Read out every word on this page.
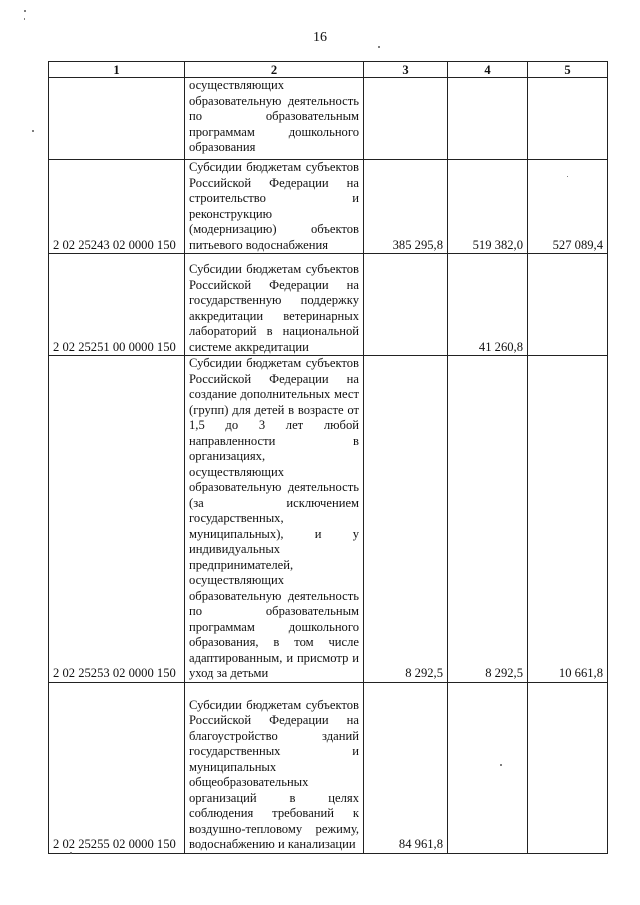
16
1	2	3	4	5
	осуществляющих образовательную деятельность по образовательным программам дошкольного образования			
2 02 25243 02 0000 150	Субсидии бюджетам субъектов Российской Федерации на строительство и реконструкцию (модернизацию) объектов питьевого водоснабжения	385 295,8	519 382,0	527 089,4
2 02 25251 00 0000 150	Субсидии бюджетам субъектов Российской Федерации на государственную поддержку аккредитации ветеринарных лабораторий в национальной системе аккредитации		41 260,8	
2 02 25253 02 0000 150	Субсидии бюджетам субъектов Российской Федерации на создание дополнительных мест (групп) для детей в возрасте от 1,5 до 3 лет любой направленности в организациях, осуществляющих образовательную деятельность (за исключением государственных, муниципальных), и у индивидуальных предпринимателей, осуществляющих образовательную деятельность по образовательным программам дошкольного образования, в том числе адаптированным, и присмотр и уход за детьми	8 292,5	8 292,5	10 661,8
2 02 25255 02 0000 150	Субсидии бюджетам субъектов Российской Федерации на благоустройство зданий государственных и муниципальных общеобразовательных организаций в целях соблюдения требований к воздушно-тепловому режиму, водоснабжению и канализации	84 961,8		
